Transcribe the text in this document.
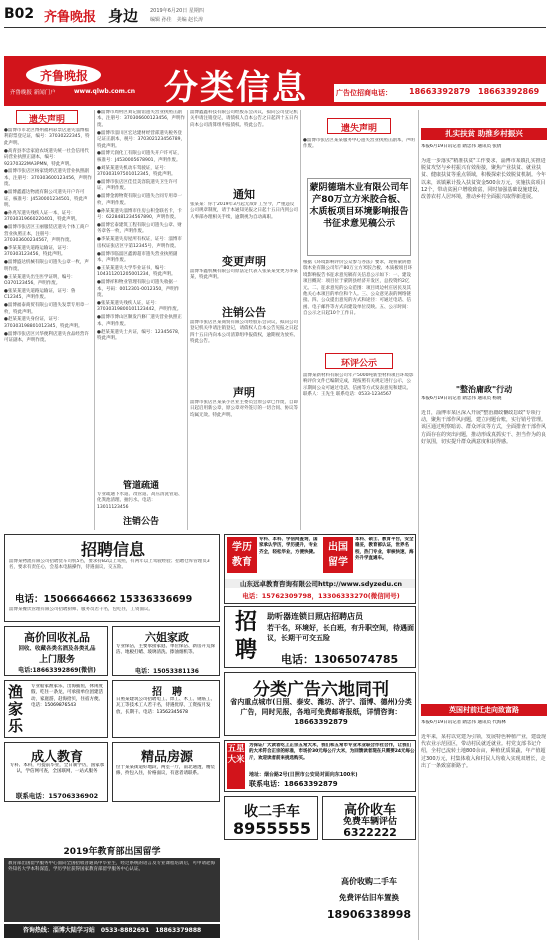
B02 齐鲁晚报 身边 2019年6月20日 星期四
编辑 孙佳　美编 赵长涛
齐鲁晚报
齐鲁晚报 新闻门户	www.qlwb.com.cn 分类信息	广告位招商电话： 18663392879 18663392869
遗失声明

●淄博市市北区博州福利彩票店遗失淄博福利彩票登记证，编号：37030222345，特此声明。

●高青县李忠家庭农场遗失统一社会信用代码营业执照正副本，编号：92370322MA3PMN，特此声明。

●淄博市张店区杨家烧烤店遗失营业执照副本，注册号：370303600123456，声明作废。

●淄博鑫鑫达物流有限公司遗失开户许可证，核准号：J4530001234501，特此声明。

●孙兆军遗失残疾人证一本，证号：37030319660220401，特此声明。

●淄博市张店区王丽服装店遗失个体工商户营业执照正本，注册号：370303600234567，声明作废。

●李某某遗失道路运输证，证号：370303123456，特此声明。

●淄博盛达机械有限公司遗失公章一枚，声明作废。

●王某某遗失出生医学证明，编号：O370123456，声明作废。

●张某某遗失道路运输证，证号：鲁C12345，声明作废。

●淄博福泰商贸有限公司遗失发票专用章一枚，特此声明。

●赵某某遗失身份证，证号：370303198801012345，特此声明。

●淄博市张店区兴华便利店遗失食品经营许可证副本，声明作废。

●淄博市周村区刘记面馆遗失营业执照正副本，注册号：370306600123456，声明作废。

●淄博市淄川区宏达建材经营部遗失税务登记证正副本，税号：370302123456789，特此声明。

●淄博天润化工有限公司遗失开户许可证，核准号：J4530005678901，声明作废。

●刘某某遗失机动车驾驶证，证号：370303197501012345，特此声明。

●淄博市张店区佳佳美容院遗失卫生许可证，声明作废。

●淄博金源物资有限公司遗失合同专用章一枚，声明作废。

●孙某某遗失淄博市住房公积金联名卡，卡号：6228481234567890，声明作废。

●淄博宏泰建筑工程有限公司遗失公章、财务章各一枚，声明作废。

●李某某遗失房屋所有权证，证号：淄博市房权证张店区字第12345号，声明作废。

●淄博市临淄区鑫源超市遗失营业执照副本，声明作废。

●王某某遗失大学毕业证书，编号：104311201205001234，特此声明。

●淄博祥和物业管理有限公司遗失收据一本，号码：0012301-0012350，声明作废。

●张某某遗失残疾人证，证号：37030319800101123442，声明作废。

●淄博市博山区顺发汽修厂遗失营业执照正本，声明作废。

●赵某某遗失士兵证，编号：12345678，特此声明。

管道疏通
专业疏通下水道、改管道、高压清洗管道、化粪池清理、抽污水。电话：13011123456
注销公告
淄博鑫鑫科技有限公司经股东会决议，拟向公司登记机关申请注销登记，请债权人自本公告之日起四十五日内向本公司清算组申报债权。特此公告。
通知
张某某：你于2019年3月起无故旷工至今，严重违反公司规章制度，请于本通知见报之日起十五日内到公司人事部办理相关手续，逾期视为自动离职。
变更声明
淄博华鑫机械有限公司原法定代表人张某某变更为李某某，特此声明。
注销公告
淄博市张店区某商贸有限公司经股东会决议，拟向公司登记机关申请注销登记，请债权人自本公告见报之日起四十五日内向本公司清算组申报债权，逾期视为放弃。特此公告。
声明
淄博市张店区某某小区业主委员会原公章已作废，自即日起启用新公章，原公章对外签订的一切合同、协议等均属无效。特此声明。
遗失声明
●淄博市张店区某某服务中心遗失营业执照正副本，声明作废。
蒙阴德瑞木业有限公司年产80万立方米胶合板、木质板项目环境影响报告书征求意见稿公示
根据《环境影响评价公众参与办法》要求，现将蒙阴德瑞木业有限公司年产80万立方米胶合板、木质板项目环境影响报告书征求意见稿有关信息公示如下：一、建设项目概况：项目位于蒙阴县经济开发区，总投资约2亿元。二、征求意见的公众范围：项目周边村庄居民及其他关心本项目的单位和个人。三、公众意见表的网络链接。四、公众提出意见的方式和途径：可通过电话、信函、电子邮件等方式向建设单位反映。五、公示时间：自公示之日起10个工作日。
环评公示
淄博某新材料有限公司年产5000吨新型材料项目环境影响评价文件已编制完成，现按照有关规定进行公示，公示期间公众可通过电话、信函等方式发表意见和建议。联系人：王先生 联系电话：0533-1234567
扎实扶贫 助推乡村振兴
本报6月19日讯记者 隋忠伟 通讯员 张倩
为进一步落实"精准扶贫"工作要求，淄博市某镇扎实推进脱贫攻坚与乡村振兴有效衔接，聚焦产业扶贫、就业扶贫、健康扶贫等重点领域，积极探索长效脱贫机制。今年以来，该镇累计投入扶贫资金500余万元，实施扶贫项目12个，带动贫困户增收致富，同时加强基础设施建设，改善农村人居环境，推动乡村全面振兴取得新进展。
"整治庸政"行动
本报6月19日讯记者 隋忠伟 通讯员 杨晓
近日，淄博市某区深入开展"整治庸政懒政怠政"专项行动，聚焦干部作风问题，建立问题台账，实行销号管理。该区通过明察暗访、群众评议等方式，全面排查干部作风方面存在的突出问题，推动形成真抓实干、担当作为的良好氛围，切实提升群众满意度和获得感。
英国村前迁走向致富路
本报6月19日讯记者 隋忠伟 通讯员 代海林
近年来，某村以党建为引领，发展特色种植产业，建设现代农业示范园区，带动村民就近就业。村党支部书记介绍，全村已流转土地800余亩，种植优质果蔬，年产值超过300万元，村集体收入和村民人均收入实现双增长，走出了一条致富新路子。
招聘信息
淄博某物流有限公司招聘货车司机5名，要求持B2以上驾照，有两年以上驾驶经验；招聘仓库管理员3名，要求有责任心，会基本电脑操作，待遇面议，交五险。
电话：15066646662 15336336699
淄博某餐饮管理有限公司招聘厨师、服务员若干名，包吃住，工资面议。
学历
教育
专科、本科、学信网查询，国家承认学历，学历提升，专业齐全，轻松毕业，方便快捷。	出国
留学
本科、硕士、教育平台，安全稳妥，教育部认证，世界名校，热门专业，审核快速，海外升学直通车。
山东远卓教育咨询有限公司http://www.sdyzedu.cn
电话：15762309798，13306333270(微信同号)
招
聘
助听器连锁日照店招聘店员
若干名，环境好，长白班，有升职空间，待遇面议，长期干可交五险
电话：13065074785
高价回收礼品
回收、收藏各类名酒及各类礼品
上门服务
电话:18663392869(微信)
六姐家政
专业保洁，主要承接家庭、单位保洁、新房开荒保洁、地板打蜡、玻璃清洗、擦油烟机等。
电话：15053381136
分类广告六地同刊
省内重点城市(日照、泰安、潍坊、济宁、淄博、德州)分类广告，同时见报，各地可免费邮寄报纸，详情咨询：18663392879
渔家乐
专业船家渔家乐，出海捕鱼，休闲度假，吃住一条龙，可承接单位团建活动，家庭游，赶海拾贝，住宿方便。电话：15069876543
招　聘
日照某建筑公司招聘电工、焊工、木工、钢筋工、瓦工等技术工人若干名，待遇优厚，工资按月发放，长期干。电话：13562345678
五星大米
为保证广大读者吃上正宗五常大米，我们和五常市专业米业联合作社合作，让我们的大米符合正宗的标准，市场价30元每公斤大米，为回馈读者现在只需要24元每公斤，欢迎读者前来挑选购买。
地址：烟台路2号(日照市公安局对面向东100米)
联系电话：18663392879
成人教育
专科、本科，可提前毕业，全日制学历，国家承认，学信网可查，全国联网，一站式服务
联系电话：15706336902
精品房源
位于某某街道好地段，两室一厅，南北通透，精装修，拎包入住，价格面议，有意者请联系。
收二手车
8955555
高价收车
免费车辆评估
6322222
2019年教育部出国留学
教育部出国留学服务中心面向全国招收普通高中毕业生，经过系统的语言及专业课程培训后，可申请赴海外知名大学本科深造，学历学位获得国家教育部留学服务中心认证。
咨询热线：淄博大陆学习站　0533-8882691　18863379888
高价收购二手车
免费评估旧车置换
18906338998
